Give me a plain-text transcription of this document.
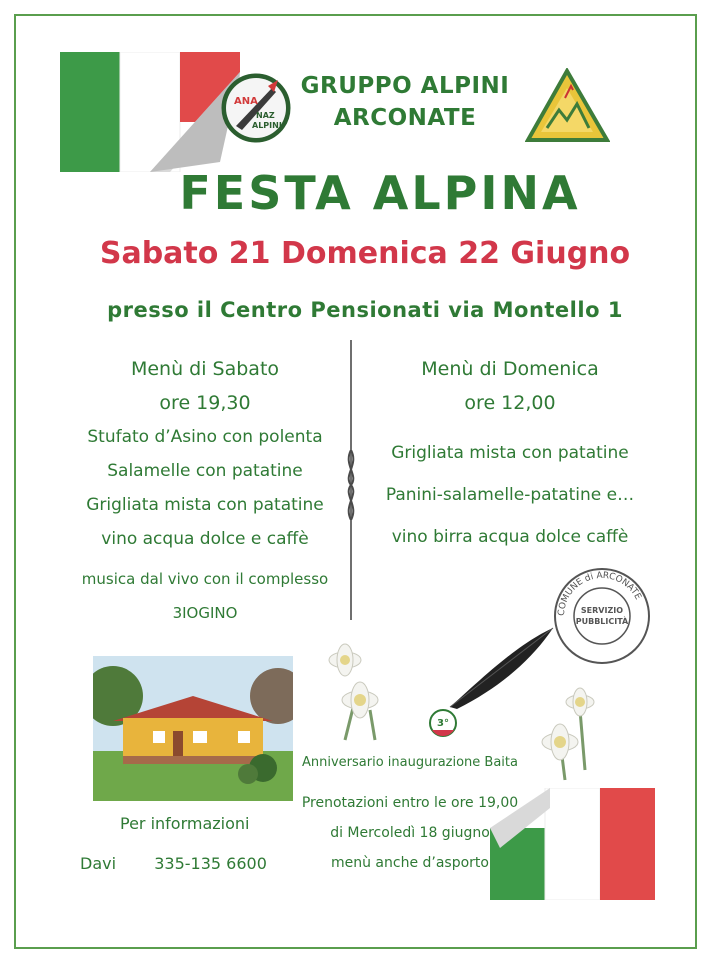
ANA
NAZ
ALPINI
GRUPPO ALPINI
ARCONATE
FESTA ALPINA
Sabato 21 Domenica 22 Giugno
presso il Centro Pensionati via Montello 1
Menù di Sabato
ore 19,30
Stufato d’Asino con polenta
Salamelle con patatine
Grigliata mista con patatine
vino acqua dolce e caffè
musica dal vivo con il complesso
3IOGINO
Menù di Domenica
ore 12,00
Grigliata mista con patatine
Panini-salamelle-patatine e…
vino birra acqua dolce caffè
COMUNE di ARCONATE
SERVIZIO
PUBBLICITÀ
3°
Anniversario inaugurazione Baita
Prenotazioni entro le ore 19,00
di Mercoledì 18 giugno
menù anche d’asporto
Per informazioni
Davi 335-135 6600
